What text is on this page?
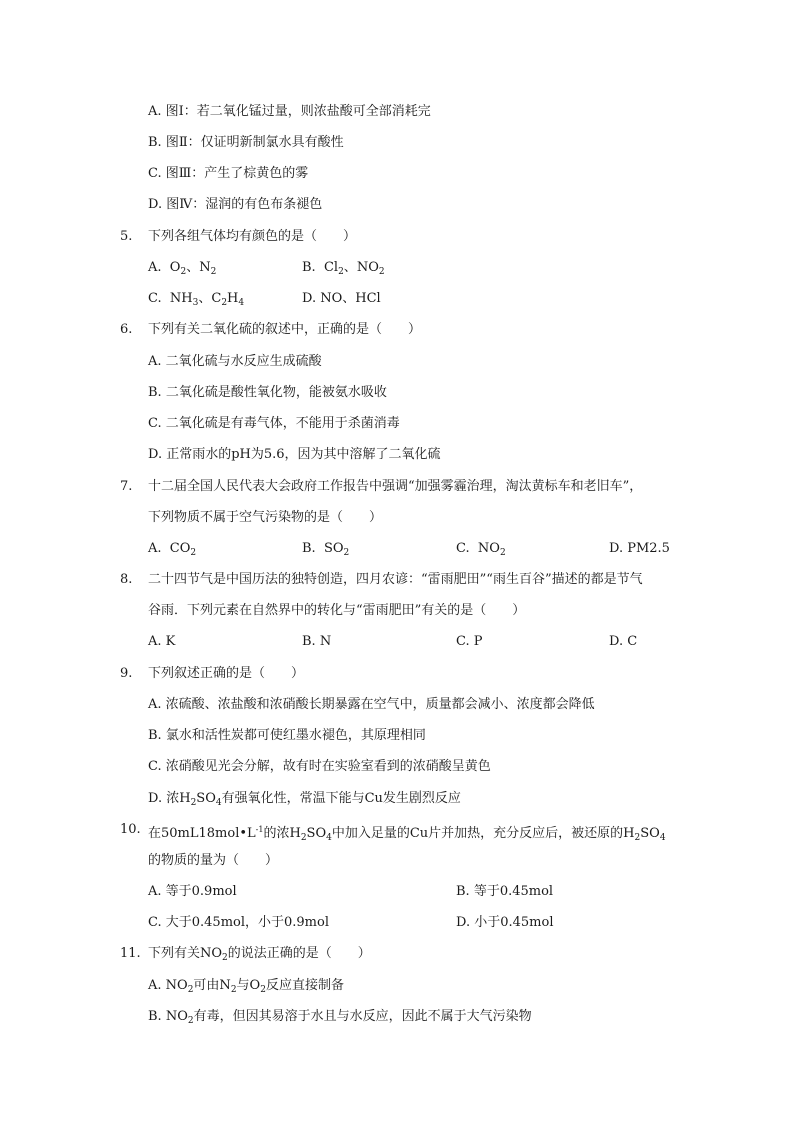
A. 图Ⅰ：若二氧化锰过量，则浓盐酸可全部消耗完
B. 图Ⅱ：仅证明新制氯水具有酸性
C. 图Ⅲ：产生了棕黄色的雾
D. 图Ⅳ：湿润的有色布条褪色
5. 下列各组气体均有颜色的是（　　）
A. $O_2$、$N_2$	B. $Cl_2$、$NO_2$
C. $NH_3$、$C_2H_4$	D. NO、HCl
6. 下列有关二氧化硫的叙述中，正确的是（　　）
A. 二氧化硫与水反应生成硫酸
B. 二氧化硫是酸性氧化物，能被氨水吸收
C. 二氧化硫是有毒气体，不能用于杀菌消毒
D. 正常雨水的pH为5.6，因为其中溶解了二氧化硫
7. 十二届全国人民代表大会政府工作报告中强调“加强雾霾治理，淘汰黄标车和老旧车”，
下列物质不属于空气污染物的是（　　）
A. $CO_2$	B. $SO_2$	C. $NO_2$	D. PM2.5
8. 二十四节气是中国历法的独特创造，四月农谚：“雷雨肥田”“雨生百谷”描述的都是节气
谷雨．下列元素在自然界中的转化与“雷雨肥田”有关的是（　　）
A. K	B. N	C. P	D. C
9. 下列叙述正确的是（　　）
A. 浓硫酸、浓盐酸和浓硝酸长期暴露在空气中，质量都会减小、浓度都会降低
B. 氯水和活性炭都可使红墨水褪色，其原理相同
C. 浓硝酸见光会分解，故有时在实验室看到的浓硝酸呈黄色
D. 浓$H_2SO_4$有强氧化性，常温下能与Cu发生剧烈反应
10. 在$50mL18mol•L^{-1}$的浓$H_2SO_4$中加入足量的Cu片并加热，充分反应后，被还原的$H_2SO_4$
的物质的量为（　　）
A. 等于0.9mol	B. 等于0.45mol
C. 大于0.45mol，小于0.9mol	D. 小于0.45mol
11. 下列有关$NO_2$的说法正确的是（　　）
A. $NO_2$可由$N_2$与$O_2$反应直接制备
B. $NO_2$有毒，但因其易溶于水且与水反应，因此不属于大气污染物
